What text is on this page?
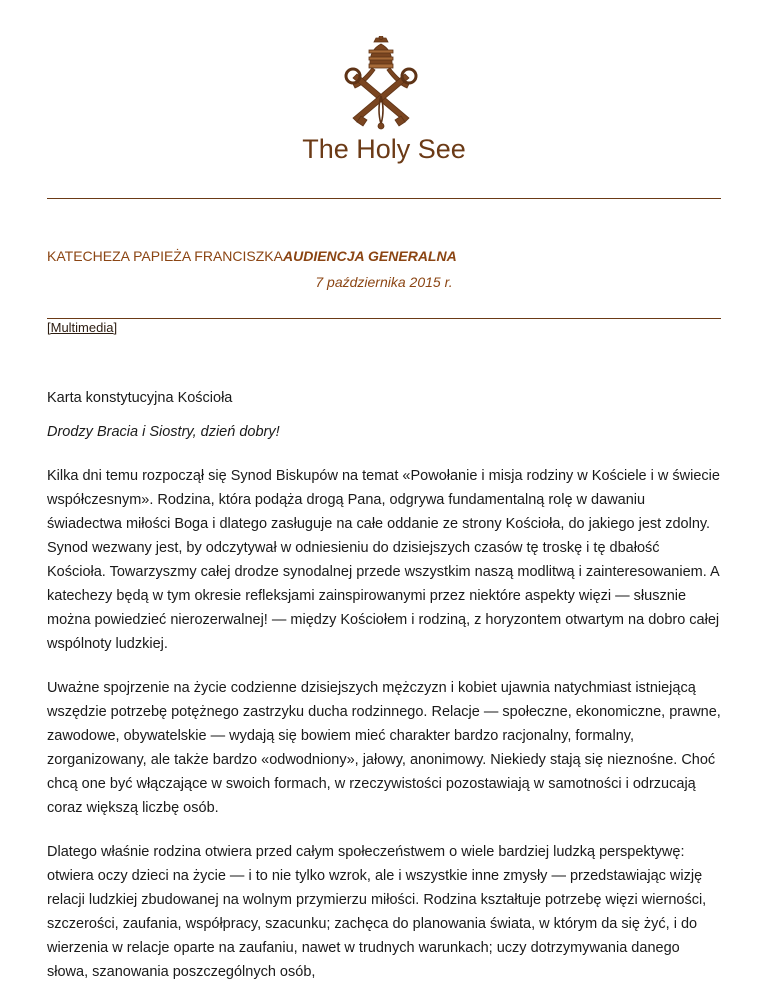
The Holy See
KATECHEZA PAPIEŻA FRANCISZKAAUDIENCJA GENERALNA
7 października 2015 r.
[Multimedia]
Karta konstytucyjna Kościoła

Drodzy Bracia i Siostry, dzień dobry!

Kilka dni temu rozpoczął się Synod Biskupów na temat «Powołanie i misja rodziny w Kościele i w świecie współczesnym». Rodzina, która podąża drogą Pana, odgrywa fundamentalną rolę w dawaniu świadectwa miłości Boga i dlatego zasługuje na całe oddanie ze strony Kościoła, do jakiego jest zdolny. Synod wezwany jest, by odczytywał w odniesieniu do dzisiejszych czasów tę troskę i tę dbałość Kościoła. Towarzyszmy całej drodze synodalnej przede wszystkim naszą modlitwą i zainteresowaniem. A katechezy będą w tym okresie refleksjami zainspirowanymi przez niektóre aspekty więzi — słusznie można powiedzieć nierozerwalnej! — między Kościołem i rodziną, z horyzontem otwartym na dobro całej wspólnoty ludzkiej.

Uważne spojrzenie na życie codzienne dzisiejszych mężczyzn i kobiet ujawnia natychmiast istniejącą wszędzie potrzebę potężnego zastrzyku ducha rodzinnego. Relacje — społeczne, ekonomiczne, prawne, zawodowe, obywatelskie — wydają się bowiem mieć charakter bardzo racjonalny, formalny, zorganizowany, ale także bardzo «odwodniony», jałowy, anonimowy. Niekiedy stają się nieznośne. Choć chcą one być włączające w swoich formach, w rzeczywistości pozostawiają w samotności i odrzucają coraz większą liczbę osób.

Dlatego właśnie rodzina otwiera przed całym społeczeństwem o wiele bardziej ludzką perspektywę: otwiera oczy dzieci na życie — i to nie tylko wzrok, ale i wszystkie inne zmysły — przedstawiając wizję relacji ludzkiej zbudowanej na wolnym przymierzu miłości. Rodzina kształtuje potrzebę więzi wierności, szczerości, zaufania, współpracy, szacunku; zachęca do planowania świata, w którym da się żyć, i do wierzenia w relacje oparte na zaufaniu, nawet w trudnych warunkach; uczy dotrzymywania danego słowa, szanowania poszczególnych osób,
